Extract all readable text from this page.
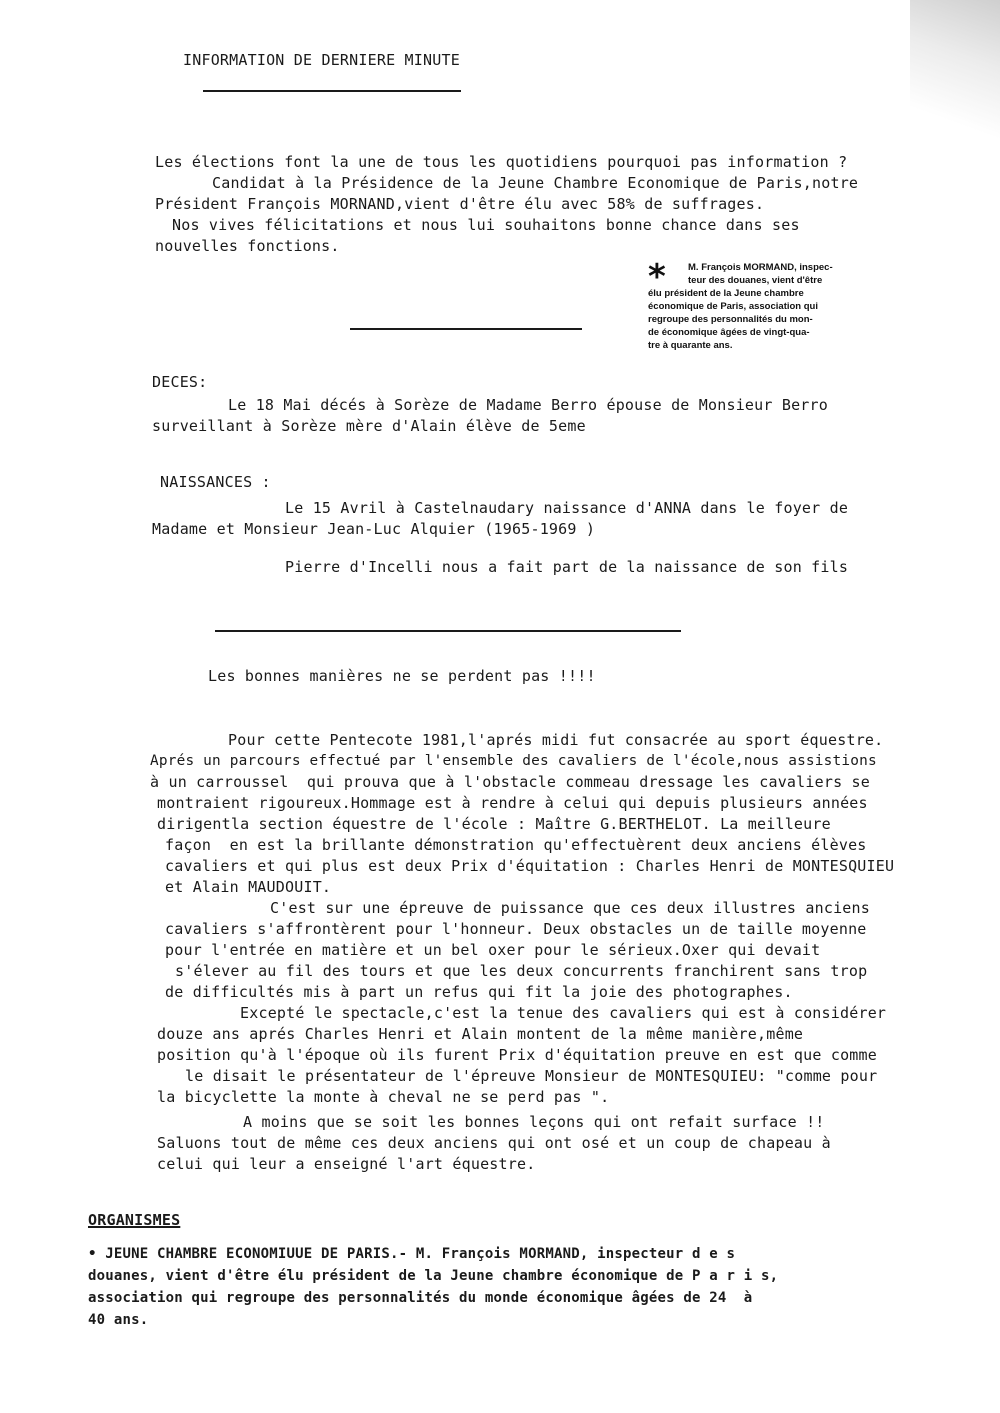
INFORMATION DE DERNIERE MINUTE
Les élections font la une de tous les quotidiens pourquoi pas information ?
Candidat à la Présidence de la Jeune Chambre Economique de Paris,notre
Président François MORNAND,vient d'être élu avec 58% de suffrages.
Nos vives félicitations et nous lui souhaitons bonne chance dans ses
nouvelles fonctions.
* M. François MORMAND, inspec-
teur des douanes, vient d'être
élu président de la Jeune chambre
économique de Paris, association qui
regroupe des personnalités du mon-
de économique âgées de vingt-qua-
tre à quarante ans.
DECES:
Le 18 Mai décés à Sorèze de Madame Berro épouse de Monsieur Berro
surveillant à Sorèze mère d'Alain élève de 5eme
NAISSANCES :
Le 15 Avril à Castelnaudary naissance d'ANNA dans le foyer de
Madame et Monsieur Jean-Luc Alquier (1965-1969 )
Pierre d'Incelli nous a fait part de la naissance de son fils
Les bonnes manières ne se perdent pas !!!!
Pour cette Pentecote 1981,l'aprés midi fut consacrée au sport équestre.
Aprés un parcours effectué par l'ensemble des cavaliers de l'école,nous assistions
à un carroussel  qui prouva que à l'obstacle commeau dressage les cavaliers se
montraient rigoureux.Hommage est à rendre à celui qui depuis plusieurs années
dirigentla section équestre de l'école : Maître G.BERTHELOT. La meilleure
façon  en est la brillante démonstration qu'effectuèrent deux anciens élèves
cavaliers et qui plus est deux Prix d'équitation : Charles Henri de MONTESQUIEU
et Alain MAUDOUIT.
C'est sur une épreuve de puissance que ces deux illustres anciens
cavaliers s'affrontèrent pour l'honneur. Deux obstacles un de taille moyenne
pour l'entrée en matière et un bel oxer pour le sérieux.Oxer qui devait
s'élever au fil des tours et que les deux concurrents franchirent sans trop
de difficultés mis à part un refus qui fit la joie des photographes.
Excepté le spectacle,c'est la tenue des cavaliers qui est à considérer
douze ans aprés Charles Henri et Alain montent de la même manière,même
position qu'à l'époque où ils furent Prix d'équitation preuve en est que comme
le disait le présentateur de l'épreuve Monsieur de MONTESQUIEU: "comme pour
la bicyclette la monte à cheval ne se perd pas ".
A moins que se soit les bonnes leçons qui ont refait surface !!
Saluons tout de même ces deux anciens qui ont osé et un coup de chapeau à
celui qui leur a enseigné l'art équestre.
ORGANISMES
• JEUNE CHAMBRE ECONOMIUUE DE PARIS.- M. François MORMAND, inspecteur d e s
douanes, vient d'être élu président de la Jeune chambre économique de P a r i s,
association qui regroupe des personnalités du monde économique âgées de 24  à
40 ans.
